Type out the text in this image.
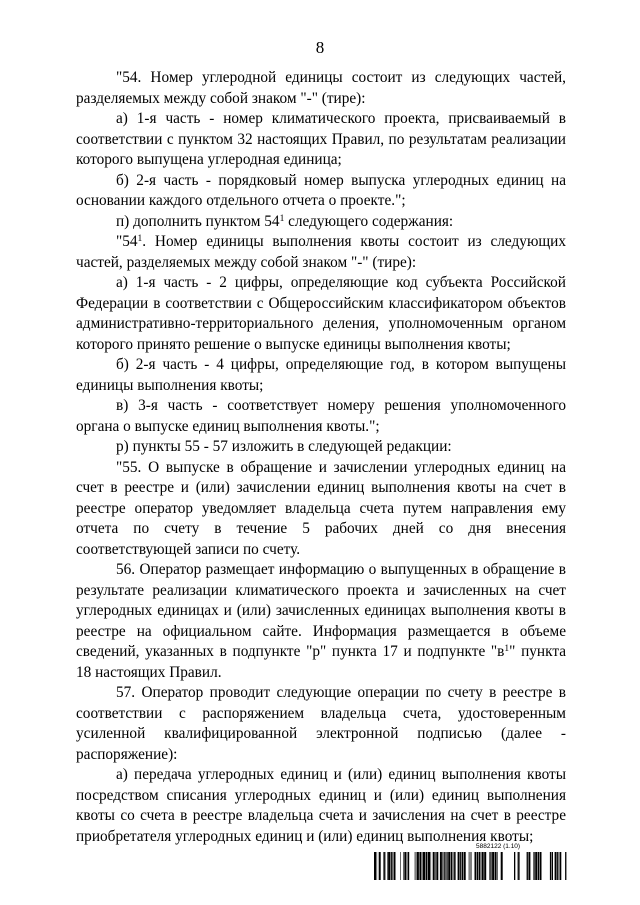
8

"54. Номер углеродной единицы состоит из следующих частей, разделяемых между собой знаком "-" (тире):

а) 1-я часть - номер климатического проекта, присваиваемый в соответствии с пунктом 32 настоящих Правил, по результатам реализации которого выпущена углеродная единица;

б) 2-я часть - порядковый номер выпуска углеродных единиц на основании каждого отдельного отчета о проекте.";

п) дополнить пунктом $54^1$ следующего содержания:

"$54^1$. Номер единицы выполнения квоты состоит из следующих частей, разделяемых между собой знаком "-" (тире):

а) 1-я часть - 2 цифры, определяющие код субъекта Российской Федерации в соответствии с Общероссийским классификатором объектов административно-территориального деления, уполномоченным органом которого принято решение о выпуске единицы выполнения квоты;

б) 2-я часть - 4 цифры, определяющие год, в котором выпущены единицы выполнения квоты;

в) 3-я часть - соответствует номеру решения уполномоченного органа о выпуске единиц выполнения квоты.";

р) пункты 55 - 57 изложить в следующей редакции:

"55. О выпуске в обращение и зачислении углеродных единиц на счет в реестре и (или) зачислении единиц выполнения квоты на счет в реестре оператор уведомляет владельца счета путем направления ему отчета по счету в течение 5 рабочих дней со дня внесения соответствующей записи по счету.

56. Оператор размещает информацию о выпущенных в обращение в результате реализации климатического проекта и зачисленных на счет углеродных единицах и (или) зачисленных единицах выполнения квоты в реестре на официальном сайте. Информация размещается в объеме сведений, указанных в подпункте "р" пункта 17 и подпункте "$в^1$" пункта 18 настоящих Правил.

57. Оператор проводит следующие операции по счету в реестре в соответствии с распоряжением владельца счета, удостоверенным усиленной квалифицированной электронной подписью (далее - распоряжение):

а) передача углеродных единиц и (или) единиц выполнения квоты посредством списания углеродных единиц и (или) единиц выполнения квоты со счета в реестре владельца счета и зачисления на счет в реестре приобретателя углеродных единиц и (или) единиц выполнения квоты;

5882122 (1.10)
